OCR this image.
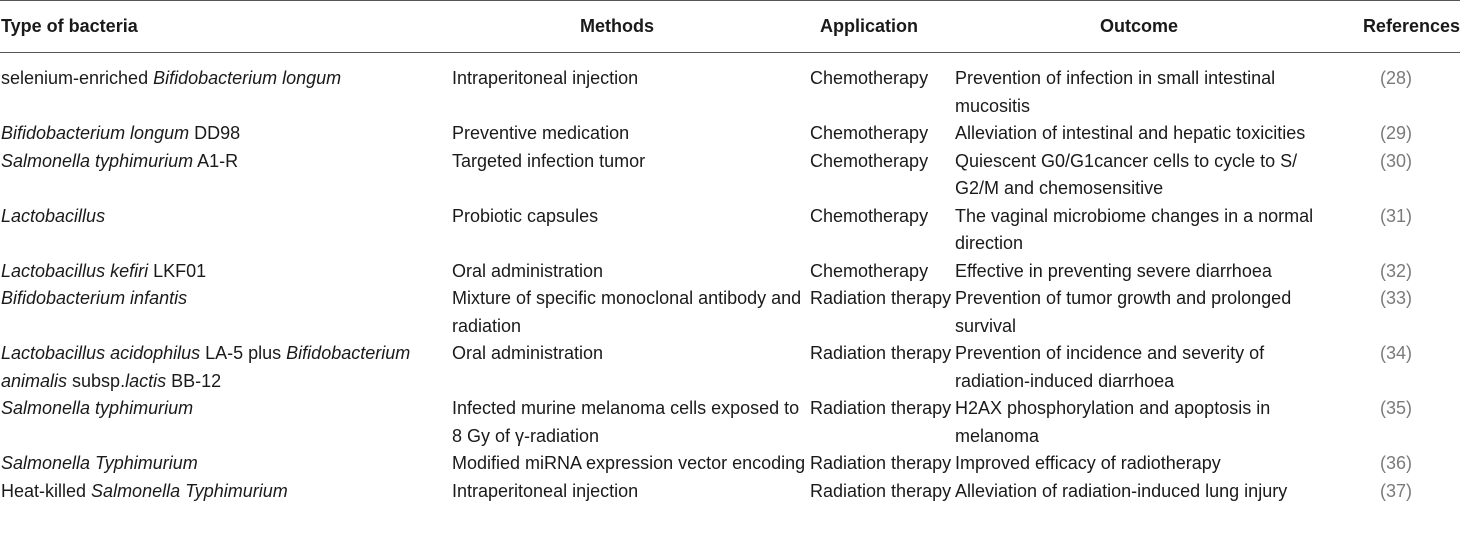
Type of bacteria	Methods	Application	Outcome	References
selenium-enriched Bifidobacterium longum	Intraperitoneal injection	Chemotherapy	Prevention of infection in small intestinal mucositis	(28)
Bifidobacterium longum DD98	Preventive medication	Chemotherapy	Alleviation of intestinal and hepatic toxicities	(29)
Salmonella typhimurium A1-R	Targeted infection tumor	Chemotherapy	Quiescent G0/G1cancer cells to cycle to S/ G2/M and chemosensitive	(30)
Lactobacillus	Probiotic capsules	Chemotherapy	The vaginal microbiome changes in a normal direction	(31)
Lactobacillus kefiri LKF01	Oral administration	Chemotherapy	Effective in preventing severe diarrhoea	(32)
Bifidobacterium infantis	Mixture of specific monoclonal antibody and radiation	Radiation therapy	Prevention of tumor growth and prolonged survival	(33)
Lactobacillus acidophilus LA-5 plus Bifidobacterium animalis subsp.lactis BB-12	Oral administration	Radiation therapy	Prevention of incidence and severity of radiation-induced diarrhoea	(34)
Salmonella typhimurium	Infected murine melanoma cells exposed to 8 Gy of γ-radiation	Radiation therapy	H2AX phosphorylation and apoptosis in melanoma	(35)
Salmonella Typhimurium	Modified miRNA expression vector encoding	Radiation therapy	Improved efficacy of radiotherapy	(36)
Heat-killed Salmonella Typhimurium	Intraperitoneal injection	Radiation therapy	Alleviation of radiation-induced lung injury	(37)
